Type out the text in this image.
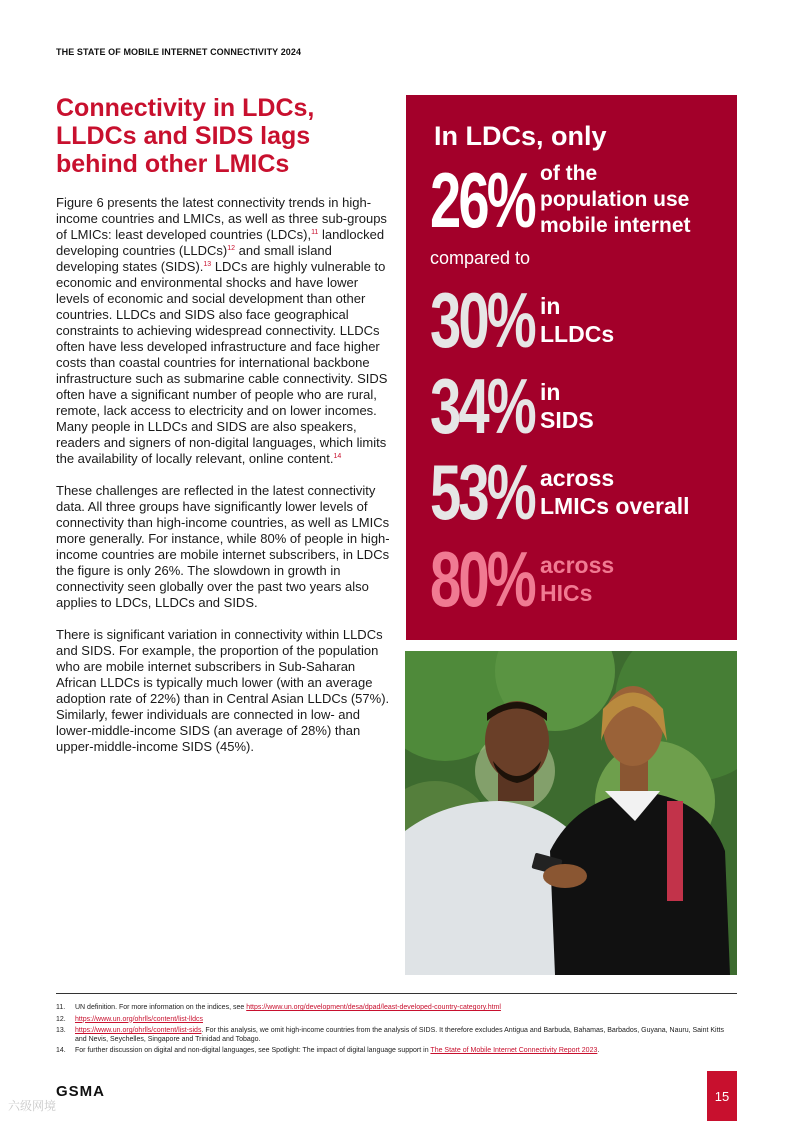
THE STATE OF MOBILE INTERNET CONNECTIVITY 2024
Connectivity in LDCs, LLDCs and SIDS lags behind other LMICs

Figure 6 presents the latest connectivity trends in high-income countries and LMICs, as well as three sub-groups of LMICs: least developed countries (LDCs),$^{11}$ landlocked developing countries (LLDCs)$^{12}$ and small island developing states (SIDS).$^{13}$ LDCs are highly vulnerable to economic and environmental shocks and have lower levels of economic and social development than other countries. LLDCs and SIDS also face geographical constraints to achieving widespread connectivity. LLDCs often have less developed infrastructure and face higher costs than coastal countries for international backbone infrastructure such as submarine cable connectivity. SIDS often have a significant number of people who are rural, remote, lack access to electricity and on lower incomes. Many people in LLDCs and SIDS are also speakers, readers and signers of non-digital languages, which limits the availability of locally relevant, online content.$^{14}$

These challenges are reflected in the latest connectivity data. All three groups have significantly lower levels of connectivity than high-income countries, as well as LMICs more generally. For instance, while 80% of people in high-income countries are mobile internet subscribers, in LDCs the figure is only 26%. The slowdown in growth in connectivity seen globally over the past two years also applies to LDCs, LLDCs and SIDS.

There is significant variation in connectivity within LLDCs and SIDS. For example, the proportion of the population who are mobile internet subscribers in Sub-Saharan African LLDCs is typically much lower (with an average adoption rate of 22%) than in Central Asian LLDCs (57%). Similarly, fewer individuals are connected in low- and lower-middle-income SIDS (an average of 28%) than upper-middle-income SIDS (45%).

In LDCs, only
26% of the
population use
mobile internet
compared to
30% in
LLDCs
34% in
SIDS
53% across
LMICs overall
80% across
HICs
11.	UN definition. For more information on the indices, see https://www.un.org/development/desa/dpad/least-developed-country-category.html
12.	https://www.un.org/ohrlls/content/list-lldcs
13.	https://www.un.org/ohrlls/content/list-sids. For this analysis, we omit high-income countries from the analysis of SIDS. It therefore excludes Antigua and Barbuda, Bahamas, Barbados, Guyana, Nauru, Saint Kitts and Nevis, Seychelles, Singapore and Trinidad and Tobago.
14.	For further discussion on digital and non-digital languages, see Spotlight: The impact of digital language support in The State of Mobile Internet Connectivity Report 2023.
GSMA
六级网境
15
